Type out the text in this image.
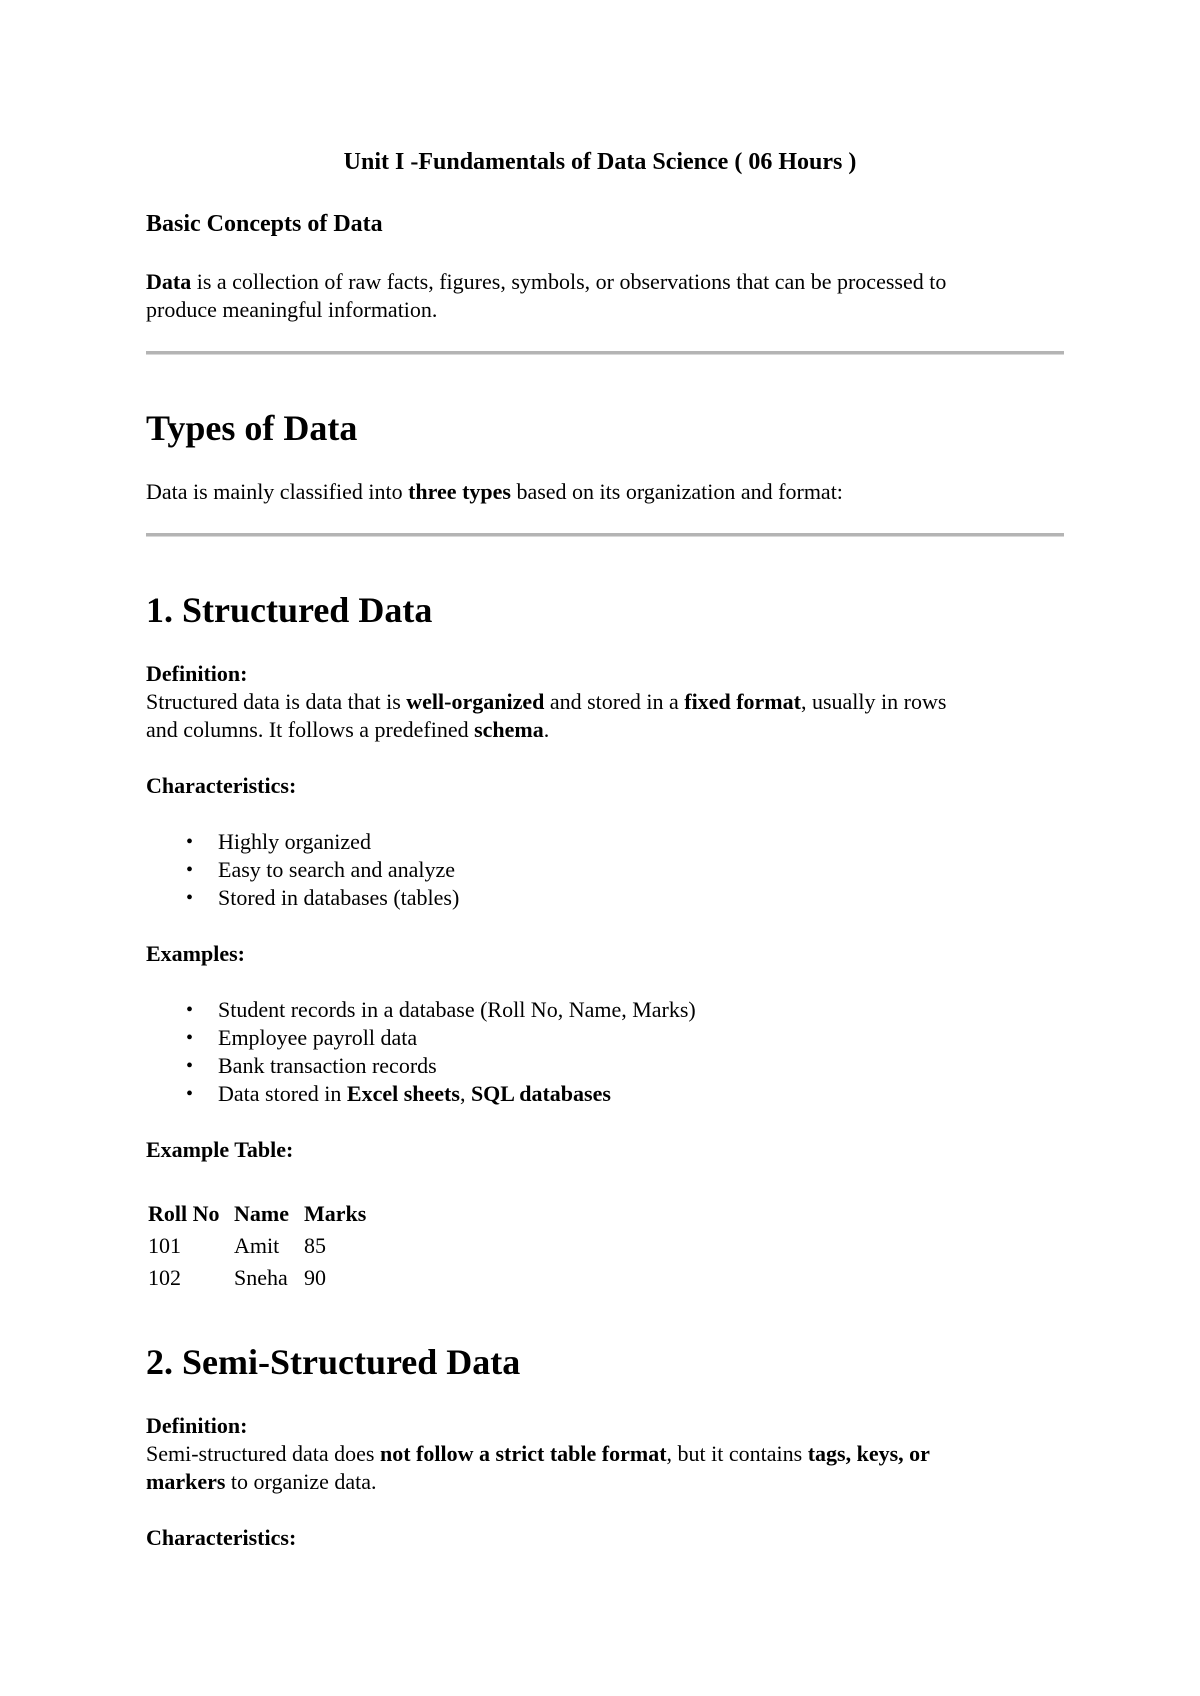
Unit I -Fundamentals of Data Science ( 06 Hours )

Basic Concepts of Data

Data is a collection of raw facts, figures, symbols, or observations that can be processed to

produce meaningful information.

Types of Data

Data is mainly classified into three types based on its organization and format:

1. Structured Data

Definition:

Structured data is data that is well-organized and stored in a fixed format, usually in rows

and columns. It follows a predefined schema.

Characteristics:

• Highly organized
• Easy to search and analyze
• Stored in databases (tables)

Examples:

• Student records in a database (Roll No, Name, Marks)
• Employee payroll data
• Bank transaction records
• Data stored in Excel sheets, SQL databases

Example Table:

Roll No Name Marks
101 Amit 85
102 Sneha 90

2. Semi-Structured Data

Definition:

Semi-structured data does not follow a strict table format, but it contains tags, keys, or

markers to organize data.

Characteristics:
